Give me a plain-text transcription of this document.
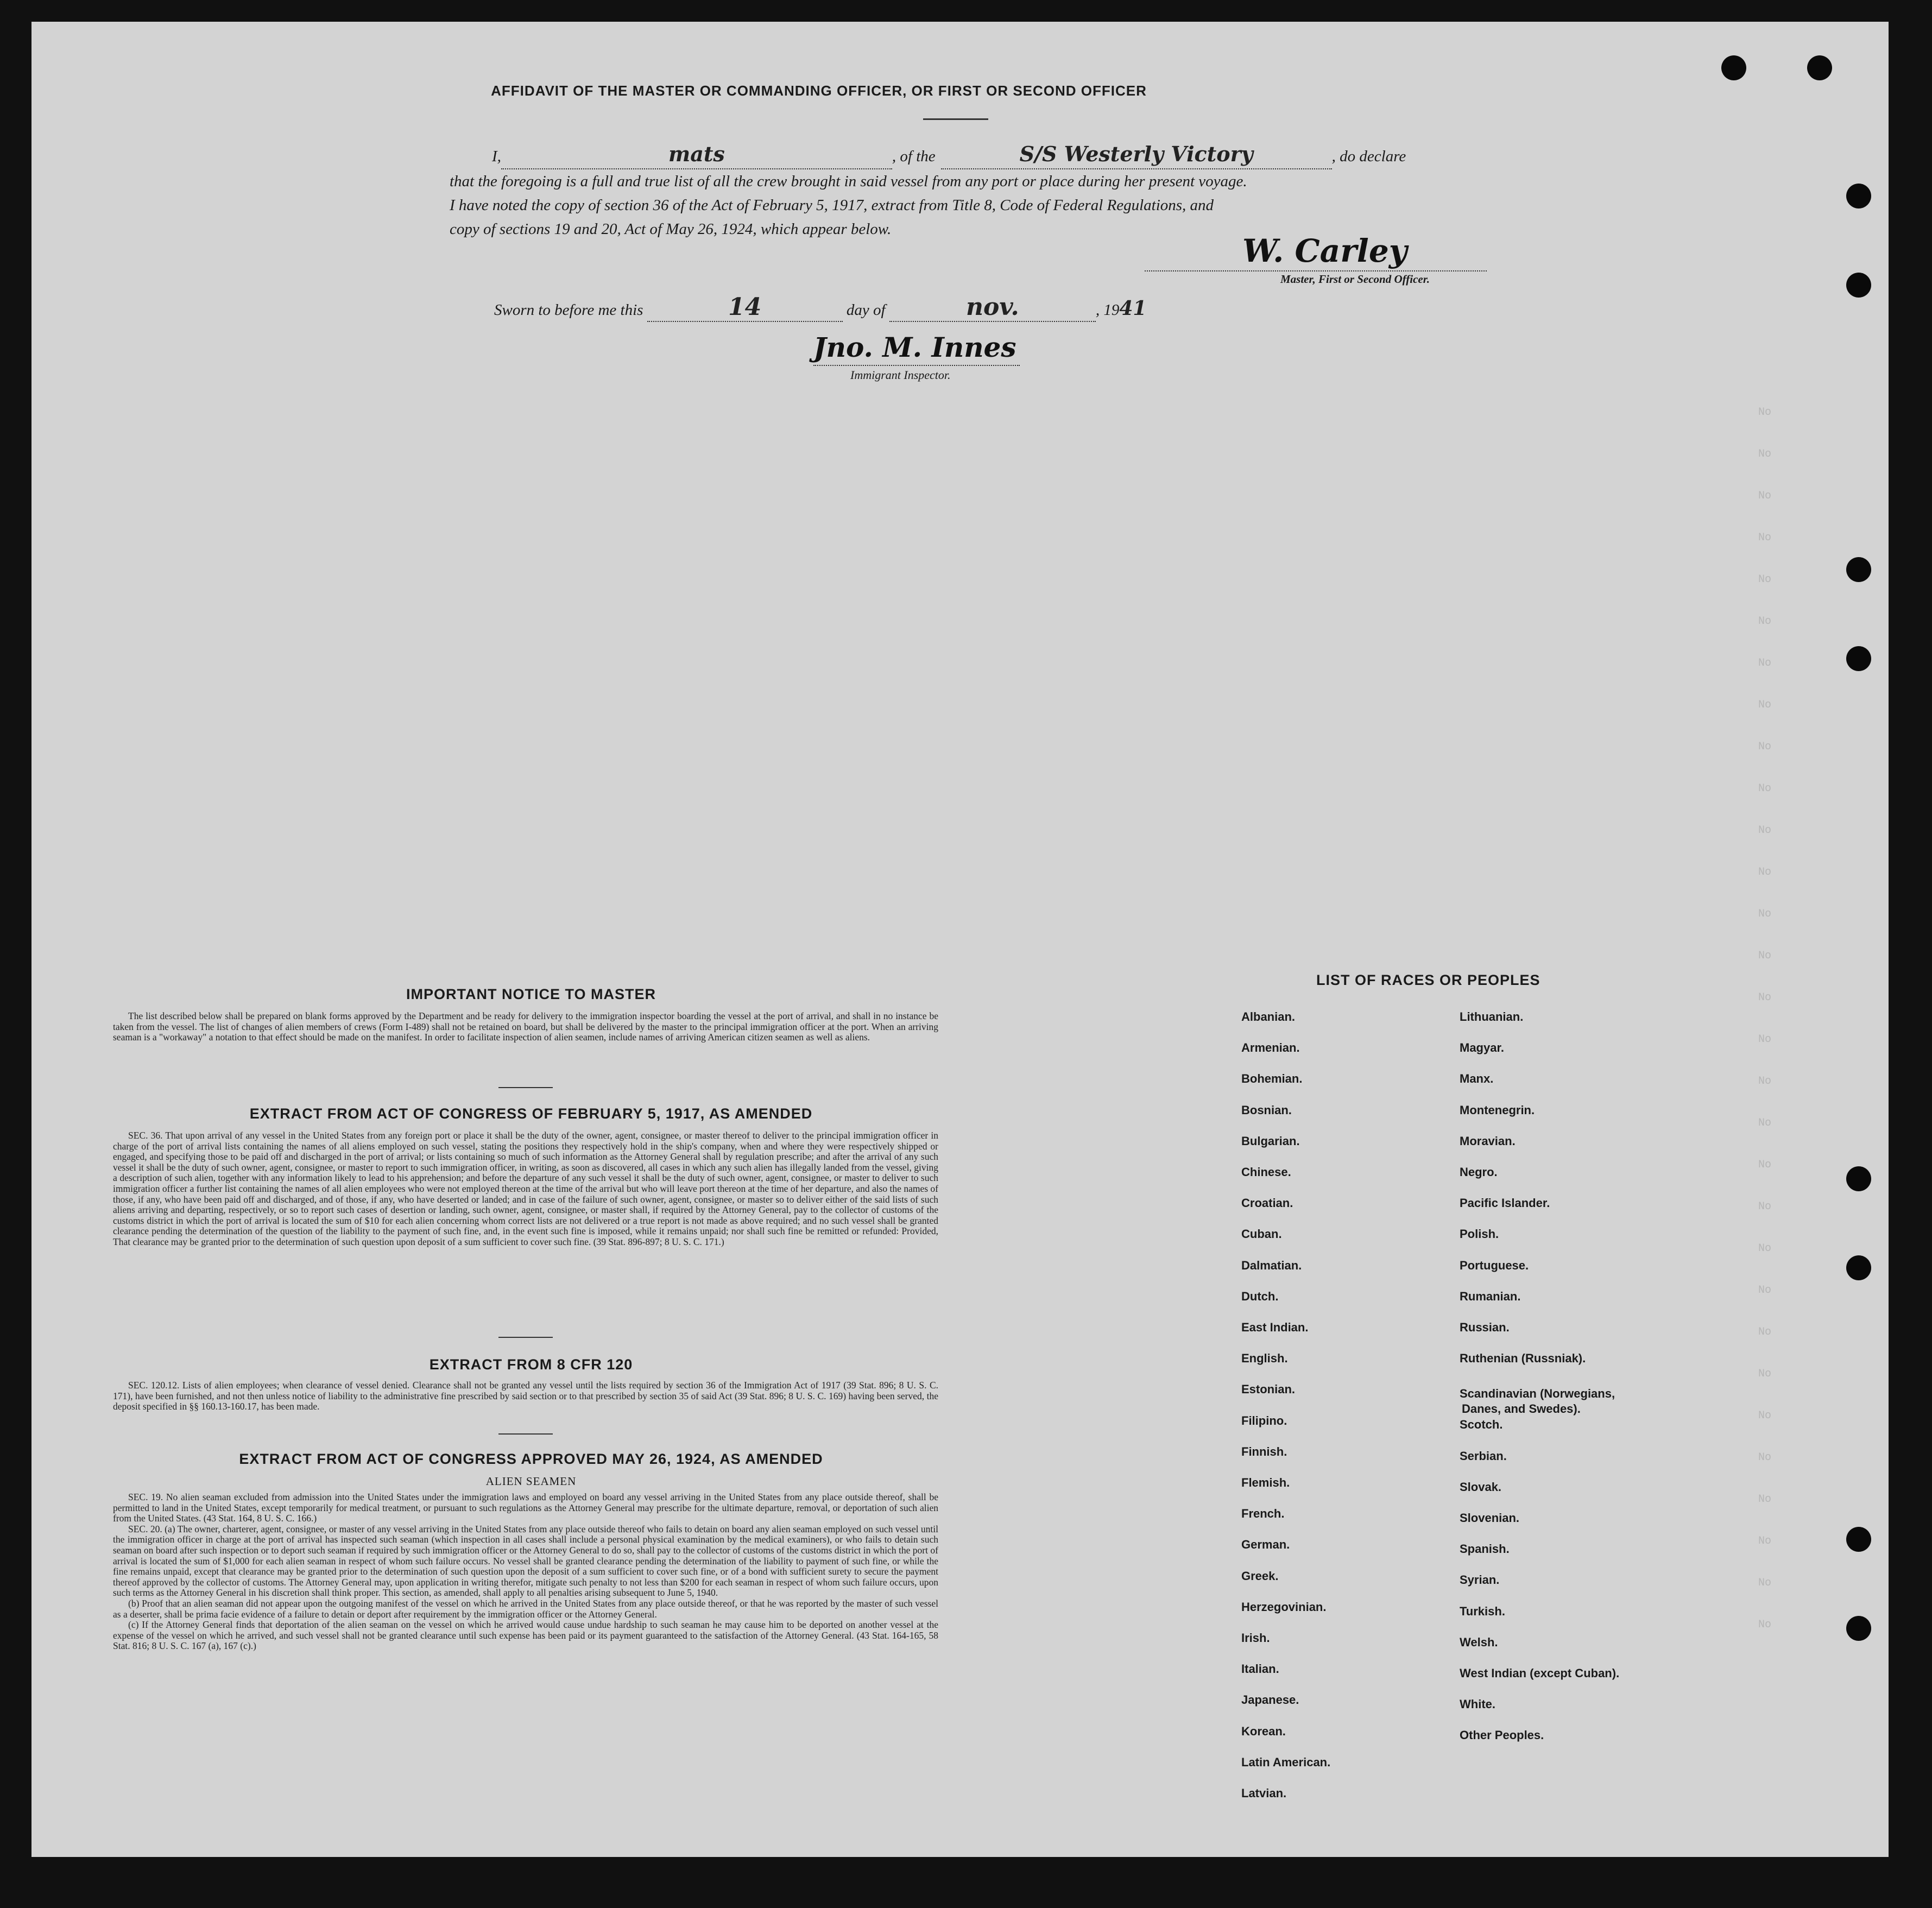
AFFIDAVIT OF THE MASTER OR COMMANDING OFFICER, OR FIRST OR SECOND OFFICER
I,	mats	, of the	S/S Westerly Victory	, do declare
that the foregoing is a full and true list of all the crew brought in said vessel from any port or place during her present voyage.
I have noted the copy of section 36 of the Act of February 5, 1917, extract from Title 8, Code of Federal Regulations, and
copy of sections 19 and 20, Act of May 26, 1924, which appear below.
W. Carley
Master, First or Second Officer.
Sworn to before me this	14	day of	nov.	, 1941
Jno. M. Innes
Immigrant Inspector.
IMPORTANT NOTICE TO MASTER

The list described below shall be prepared on blank forms approved by the Department and be ready for delivery to the immigration inspector boarding the vessel at the port of arrival, and shall in no instance be taken from the vessel. The list of changes of alien members of crews (Form I-489) shall not be retained on board, but shall be delivered by the master to the principal immigration officer at the port. When an arriving seaman is a "workaway" a notation to that effect should be made on the manifest. In order to facilitate inspection of alien seamen, include names of arriving American citizen seamen as well as aliens.

EXTRACT FROM ACT OF CONGRESS OF FEBRUARY 5, 1917, AS AMENDED

SEC. 36. That upon arrival of any vessel in the United States from any foreign port or place it shall be the duty of the owner, agent, consignee, or master thereof to deliver to the principal immigration officer in charge of the port of arrival lists containing the names of all aliens employed on such vessel, stating the positions they respectively hold in the ship's company, when and where they were respectively shipped or engaged, and specifying those to be paid off and discharged in the port of arrival; or lists containing so much of such information as the Attorney General shall by regulation prescribe; and after the arrival of any such vessel it shall be the duty of such owner, agent, consignee, or master to report to such immigration officer, in writing, as soon as discovered, all cases in which any such alien has illegally landed from the vessel, giving a description of such alien, together with any information likely to lead to his apprehension; and before the departure of any such vessel it shall be the duty of such owner, agent, consignee, or master to deliver to such immigration officer a further list containing the names of all alien employees who were not employed thereon at the time of the arrival but who will leave port thereon at the time of her departure, and also the names of those, if any, who have been paid off and discharged, and of those, if any, who have deserted or landed; and in case of the failure of such owner, agent, consignee, or master so to deliver either of the said lists of such aliens arriving and departing, respectively, or so to report such cases of desertion or landing, such owner, agent, consignee, or master shall, if required by the Attorney General, pay to the collector of customs of the customs district in which the port of arrival is located the sum of $10 for each alien concerning whom correct lists are not delivered or a true report is not made as above required; and no such vessel shall be granted clearance pending the determination of the question of the liability to the payment of such fine, and, in the event such fine is imposed, while it remains unpaid; nor shall such fine be remitted or refunded: Provided, That clearance may be granted prior to the determination of such question upon deposit of a sum sufficient to cover such fine. (39 Stat. 896-897; 8 U. S. C. 171.)

EXTRACT FROM 8 CFR 120

SEC. 120.12. Lists of alien employees; when clearance of vessel denied. Clearance shall not be granted any vessel until the lists required by section 36 of the Immigration Act of 1917 (39 Stat. 896; 8 U. S. C. 171), have been furnished, and not then unless notice of liability to the administrative fine prescribed by said section or to that prescribed by section 35 of said Act (39 Stat. 896; 8 U. S. C. 169) having been served, the deposit specified in §§ 160.13-160.17, has been made.

EXTRACT FROM ACT OF CONGRESS APPROVED MAY 26, 1924, AS AMENDED
ALIEN SEAMEN

SEC. 19. No alien seaman excluded from admission into the United States under the immigration laws and employed on board any vessel arriving in the United States from any place outside thereof, shall be permitted to land in the United States, except temporarily for medical treatment, or pursuant to such regulations as the Attorney General may prescribe for the ultimate departure, removal, or deportation of such alien from the United States. (43 Stat. 164, 8 U. S. C. 166.)

SEC. 20. (a) The owner, charterer, agent, consignee, or master of any vessel arriving in the United States from any place outside thereof who fails to detain on board any alien seaman employed on such vessel until the immigration officer in charge at the port of arrival has inspected such seaman (which inspection in all cases shall include a personal physical examination by the medical examiners), or who fails to detain such seaman on board after such inspection or to deport such seaman if required by such immigration officer or the Attorney General to do so, shall pay to the collector of customs of the customs district in which the port of arrival is located the sum of $1,000 for each alien seaman in respect of whom such failure occurs. No vessel shall be granted clearance pending the determination of the liability to payment of such fine, or while the fine remains unpaid, except that clearance may be granted prior to the determination of such question upon the deposit of a sum sufficient to cover such fine, or of a bond with sufficient surety to secure the payment thereof approved by the collector of customs. The Attorney General may, upon application in writing therefor, mitigate such penalty to not less than $200 for each seaman in respect of whom such failure occurs, upon such terms as the Attorney General in his discretion shall think proper. This section, as amended, shall apply to all penalties arising subsequent to June 5, 1940.

(b) Proof that an alien seaman did not appear upon the outgoing manifest of the vessel on which he arrived in the United States from any place outside thereof, or that he was reported by the master of such vessel as a deserter, shall be prima facie evidence of a failure to detain or deport after requirement by the immigration officer or the Attorney General.

(c) If the Attorney General finds that deportation of the alien seaman on the vessel on which he arrived would cause undue hardship to such seaman he may cause him to be deported on another vessel at the expense of the vessel on which he arrived, and such vessel shall not be granted clearance until such expense has been paid or its payment guaranteed to the satisfaction of the Attorney General. (43 Stat. 164-165, 58 Stat. 816; 8 U. S. C. 167 (a), 167 (c).)

LIST OF RACES OR PEOPLES
Albanian.
Armenian.
Bohemian.
Bosnian.
Bulgarian.
Chinese.
Croatian.
Cuban.
Dalmatian.
Dutch.
East Indian.
English.
Estonian.
Filipino.
Finnish.
Flemish.
French.
German.
Greek.
Herzegovinian.
Irish.
Italian.
Japanese.
Korean.
Latin American.
Latvian.
Lithuanian.
Magyar.
Manx.
Montenegrin.
Moravian.
Negro.
Pacific Islander.
Polish.
Portuguese.
Rumanian.
Russian.
Ruthenian (Russniak).
Scandinavian (Norwegians,
Danes, and Swedes).
Scotch.
Serbian.
Slovak.
Slovenian.
Spanish.
Syrian.
Turkish.
Welsh.
West Indian (except Cuban).
White.
Other Peoples.
No
No
No
No
No
No
No
No
No
No
No
No
No
No
No
No
No
No
No
No
No
No
No
No
No
No
No
No
No
No
